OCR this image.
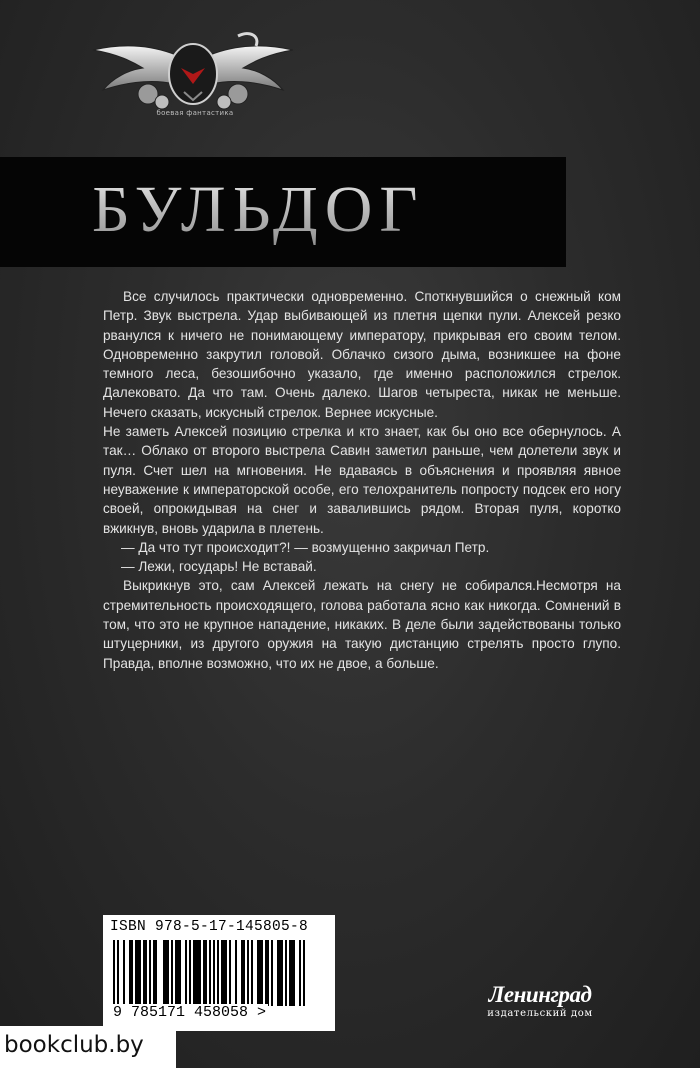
боевая фантастика
БУЛЬДОГ

Все случилось практически одновременно. Споткнувшийся о снежный ком Петр. Звук выстрела. Удар выбивающей из плетня щепки пули. Алексей резко рванулся к ничего не понимающему императору, прикрывая его своим телом. Одновременно закрутил головой. Облачко сизого дыма, возникшее на фоне темного леса, безошибочно указало, где именно расположился стрелок. Далековато. Да что там. Очень далеко. Шагов четыреста, никак не меньше. Нечего сказать, искусный стрелок. Вернее искусные.

Не заметь Алексей позицию стрелка и кто знает, как бы оно все обернулось. А так… Облако от второго выстрела Савин заметил раньше, чем долетели звук и пуля. Счет шел на мгновения. Не вдаваясь в объяснения и проявляя явное неуважение к императорской особе, его телохранитель попросту подсек его ногу своей, опрокидывая на снег и завалившись рядом. Вторая пуля, коротко вжикнув, вновь ударила в плетень.

— Да что тут происходит?! — возмущенно закричал Петр.

— Лежи, государь! Не вставай.

Выкрикнув это, сам Алексей лежать на снегу не собирался.Несмотря на стремительность происходящего, голова работала ясно как никогда. Сомнений в том, что это не крупное нападение, никаких. В деле были задействованы только штуцерники, из другого оружия на такую дистанцию стрелять просто глупо. Правда, вполне возможно, что их не двое, а больше.

ISBN 978-5-17-145805-8
9 785171 458058 >
Ленинград
издательский дом
bookclub.by
